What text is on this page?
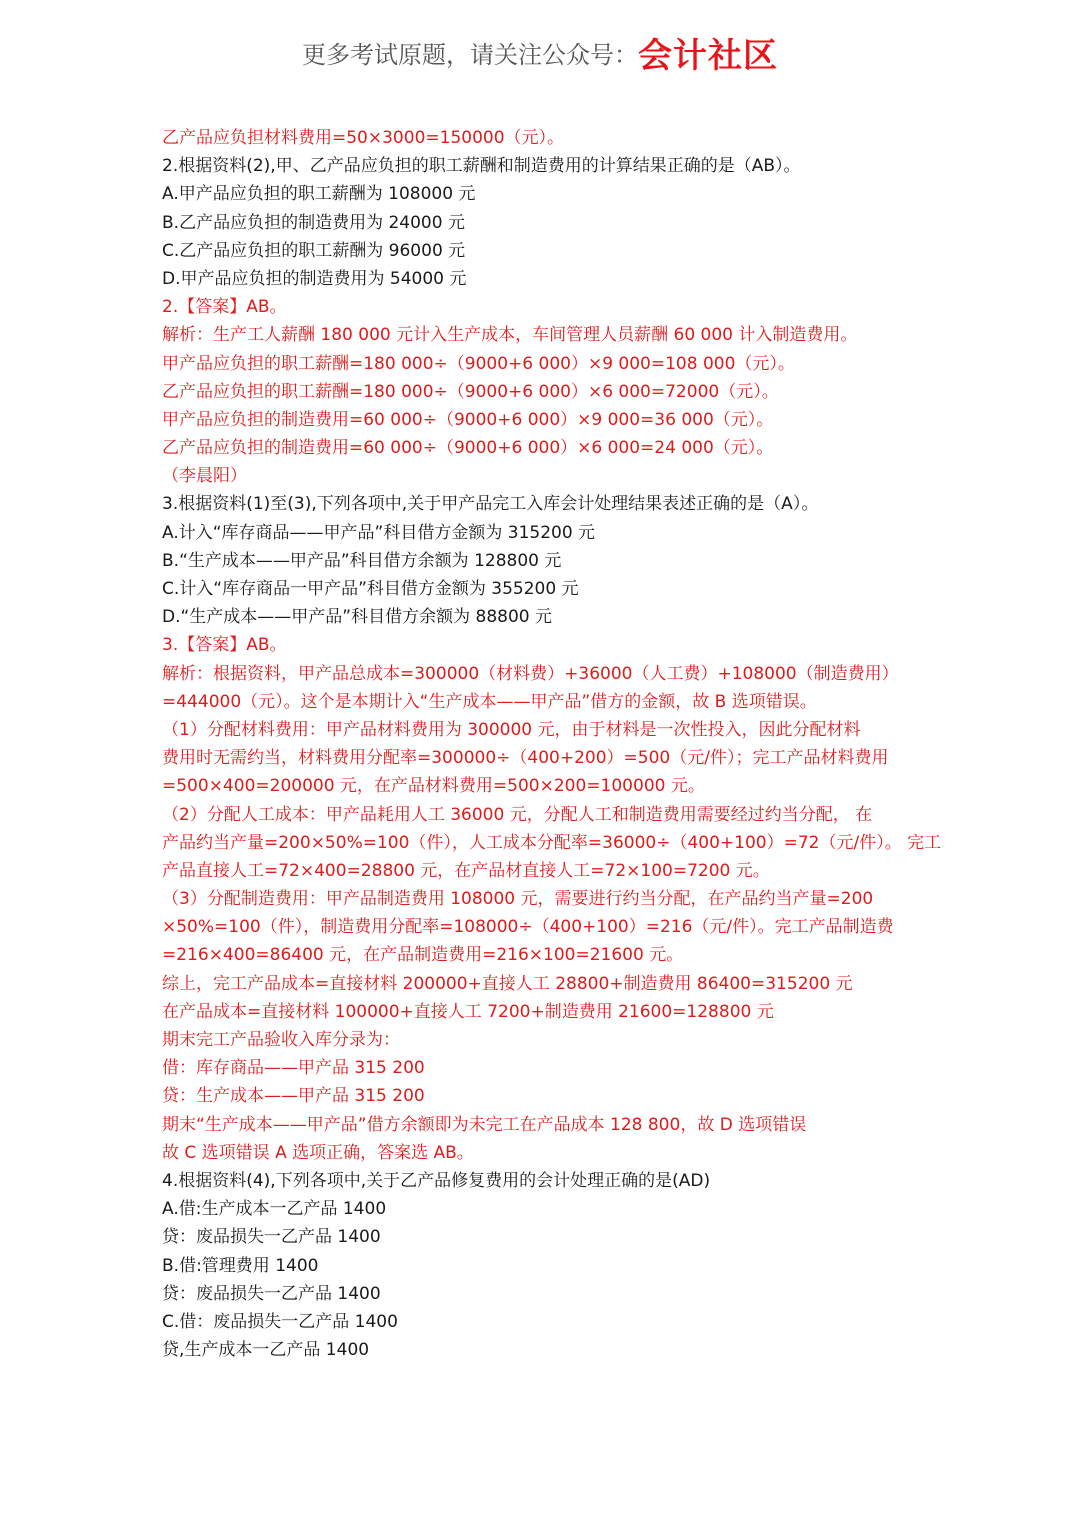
更多考试原题，请关注公众号：会计社区
乙产品应负担材料费用=50×3000=150000（元）。
2.根据资料(2),甲、乙产品应负担的职工薪酬和制造费用的计算结果正确的是（AB）。
A.甲产品应负担的职工薪酬为 108000 元
B.乙产品应负担的制造费用为 24000 元
C.乙产品应负担的职工薪酬为 96000 元
D.甲产品应负担的制造费用为 54000 元
2.【答案】AB。
解析：生产工人薪酬 180 000 元计入生产成本，车间管理人员薪酬 60 000 计入制造费用。
甲产品应负担的职工薪酬=180 000÷（9000+6 000）×9 000=108 000（元）。
乙产品应负担的职工薪酬=180 000÷（9000+6 000）×6 000=72000（元）。
甲产品应负担的制造费用=60 000÷（9000+6 000）×9 000=36 000（元）。
乙产品应负担的制造费用=60 000÷（9000+6 000）×6 000=24 000（元）。
（李晨阳）
3.根据资料(1)至(3),下列各项中,关于甲产品完工入库会计处理结果表述正确的是（A）。
A.计入“库存商品——甲产品”科目借方金额为 315200 元
B.“生产成本——甲产品”科目借方余额为 128800 元
C.计入“库存商品一甲产品”科目借方金额为 355200 元
D.“生产成本——甲产品”科目借方余额为 88800 元
3.【答案】AB。
解析：根据资料，甲产品总成本=300000（材料费）+36000（人工费）+108000（制造费用）
=444000（元）。这个是本期计入“生产成本——甲产品”借方的金额，故 B 选项错误。
（1）分配材料费用：甲产品材料费用为 300000 元，由于材料是一次性投入，因此分配材料
费用时无需约当，材料费用分配率=300000÷（400+200）=500（元/件）；完工产品材料费用
=500×400=200000 元，在产品材料费用=500×200=100000 元。
（2）分配人工成本：甲产品耗用人工 36000 元，分配人工和制造费用需要经过约当分配， 在
产品约当产量=200×50%=100（件），人工成本分配率=36000÷（400+100）=72（元/件）。 完工
产品直接人工=72×400=28800 元，在产品材直接人工=72×100=7200 元。
（3）分配制造费用：甲产品制造费用 108000 元，需要进行约当分配，在产品约当产量=200
×50%=100（件），制造费用分配率=108000÷（400+100）=216（元/件）。完工产品制造费
=216×400=86400 元，在产品制造费用=216×100=21600 元。
综上，完工产品成本=直接材料 200000+直接人工 28800+制造费用 86400=315200 元
在产品成本=直接材料 100000+直接人工 7200+制造费用 21600=128800 元
期末完工产品验收入库分录为：
借：库存商品——甲产品 315 200
贷：生产成本——甲产品 315 200
期末“生产成本——甲产品”借方余额即为未完工在产品成本 128 800，故 D 选项错误
故 C 选项错误 A 选项正确，答案选 AB。
4.根据资料(4),下列各项中,关于乙产品修复费用的会计处理正确的是(AD)
A.借:生产成本一乙产品 1400
贷：废品损失一乙产品 1400
B.借:管理费用 1400
贷：废品损失一乙产品 1400
C.借：废品损失一乙产品 1400
贷,生产成本一乙产品 1400
